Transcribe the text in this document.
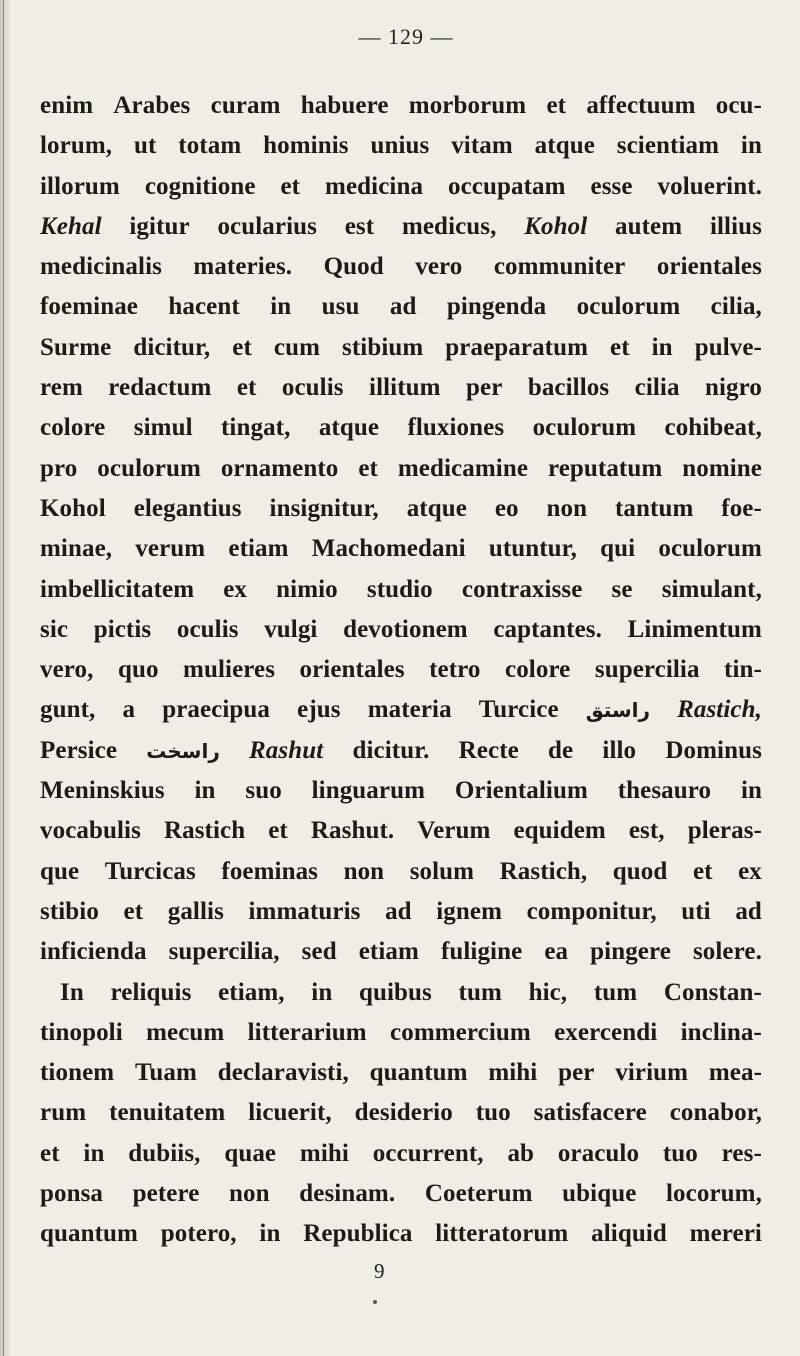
— 129 —
enim Arabes curam habuere morborum et affectuum ocu-
lorum, ut totam hominis unius vitam atque scientiam in
illorum cognitione et medicina occupatam esse voluerint.
Kehal igitur ocularius est medicus, Kohol autem illius
medicinalis materies. Quod vero communiter orientales
foeminae hacent in usu ad pingenda oculorum cilia,
Surme dicitur, et cum stibium praeparatum et in pulve-
rem redactum et oculis illitum per bacillos cilia nigro
colore simul tingat, atque fluxiones oculorum cohibeat,
pro oculorum ornamento et medicamine reputatum nomine
Kohol elegantius insignitur, atque eo non tantum foe-
minae, verum etiam Machomedani utuntur, qui oculorum
imbellicitatem ex nimio studio contraxisse se simulant,
sic pictis oculis vulgi devotionem captantes. Linimentum
vero, quo mulieres orientales tetro colore supercilia tin-
gunt, a praecipua ejus materia Turcice راستق Rastich,
Persice راسخت Rashut dicitur. Recte de illo Dominus
Meninskius in suo linguarum Orientalium thesauro in
vocabulis Rastich et Rashut. Verum equidem est, pleras-
que Turcicas foeminas non solum Rastich, quod et ex
stibio et gallis immaturis ad ignem componitur, uti ad
inficienda supercilia, sed etiam fuligine ea pingere solere.
In reliquis etiam, in quibus tum hic, tum Constan-
tinopoli mecum litterarium commercium exercendi inclina-
tionem Tuam declaravisti, quantum mihi per virium mea-
rum tenuitatem licuerit, desiderio tuo satisfacere conabor,
et in dubiis, quae mihi occurrent, ab oraculo tuo res-
ponsa petere non desinam. Coeterum ubique locorum,
quantum potero, in Republica litteratorum aliquid mereri
9
